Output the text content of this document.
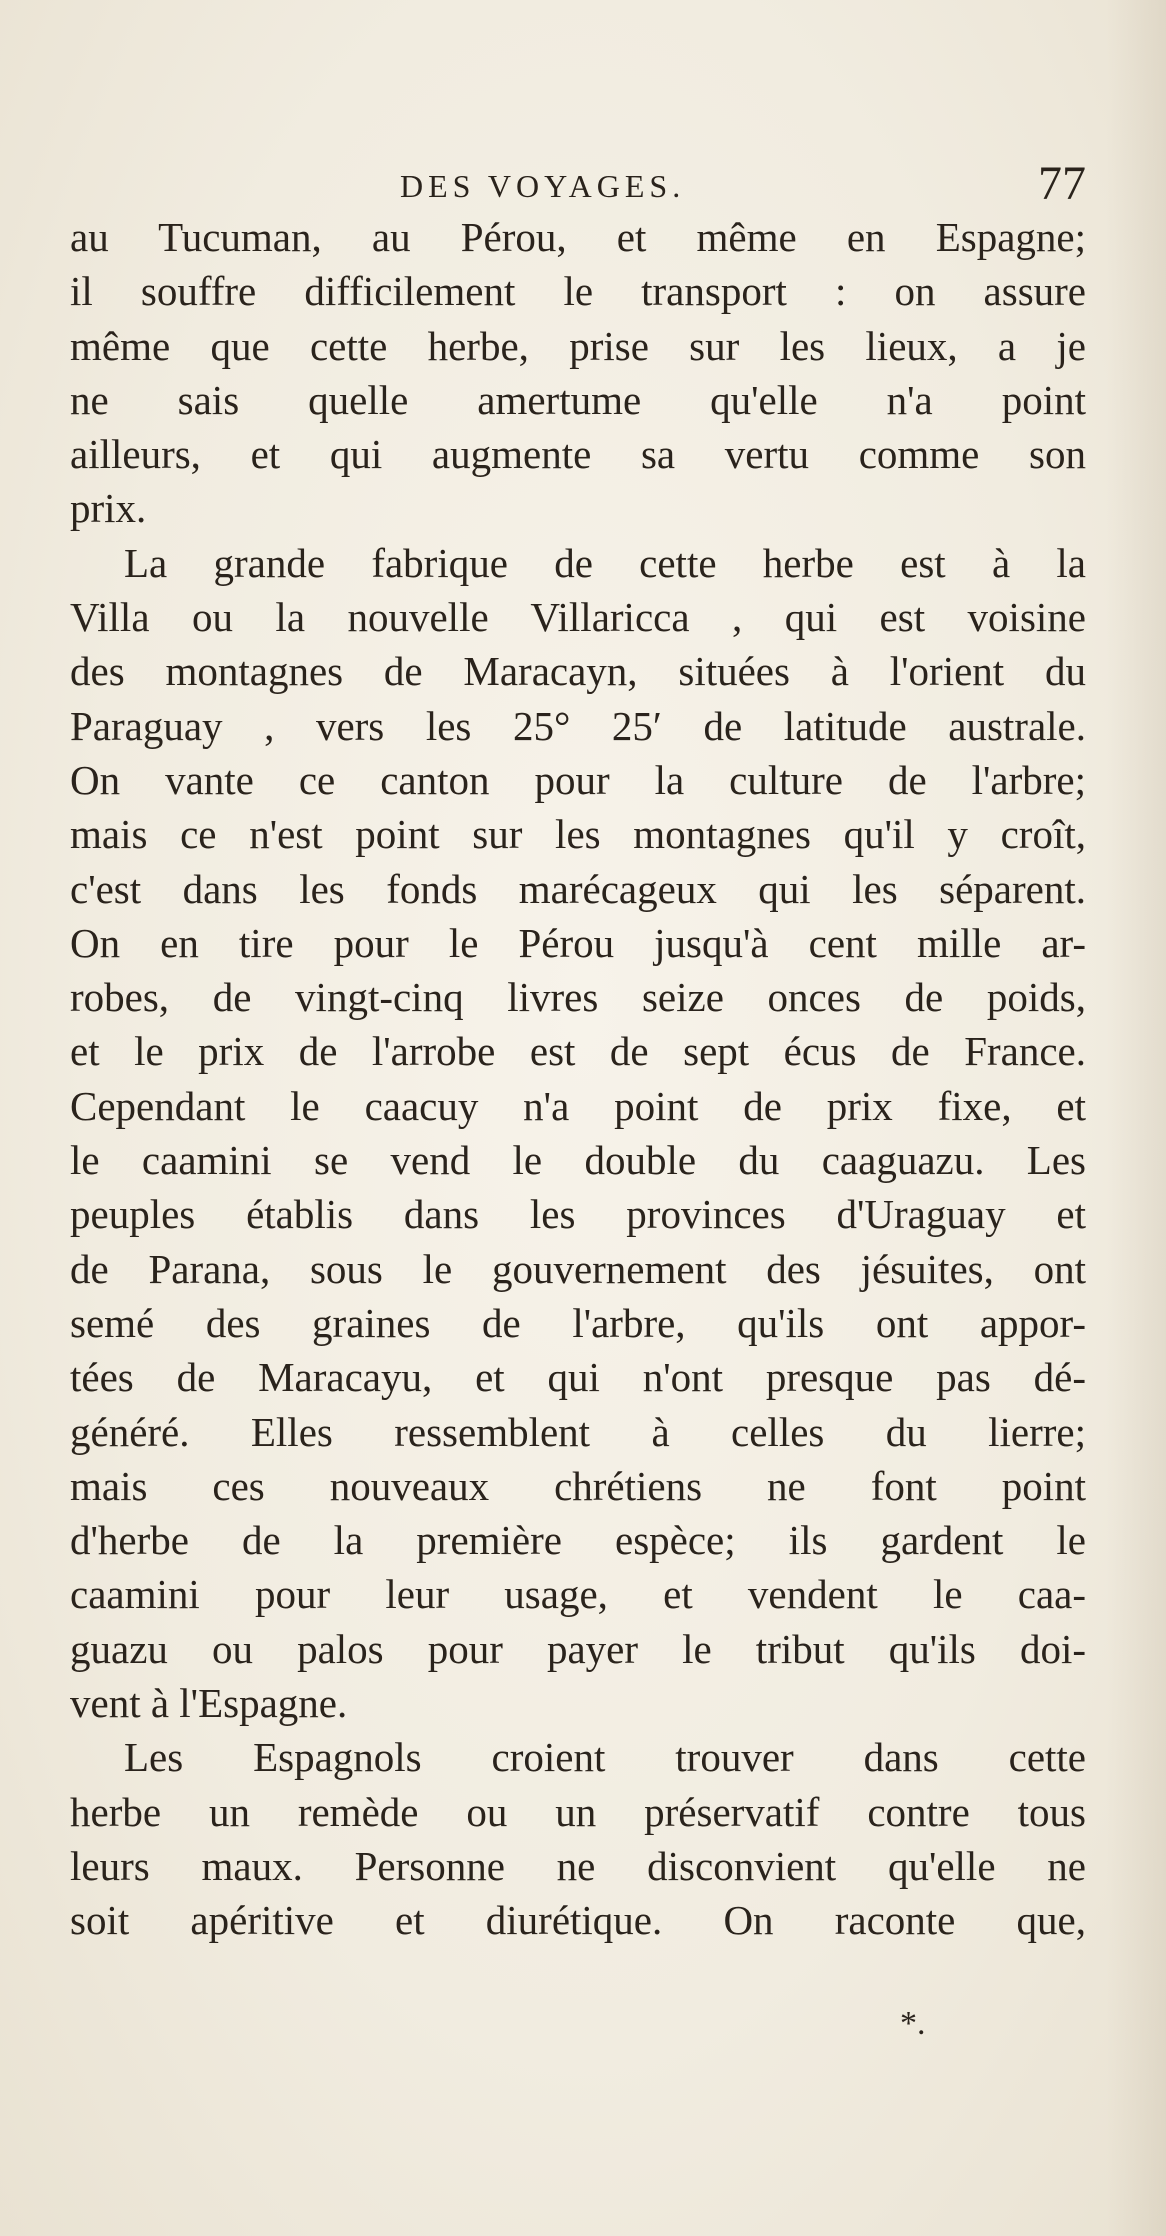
DES VOYAGES.	77
au Tucuman, au Pérou, et même en Espagne;
il souffre difficilement le transport : on assure
même que cette herbe, prise sur les lieux, a je
ne sais quelle amertume qu'elle n'a point
ailleurs, et qui augmente sa vertu comme son
prix.
La grande fabrique de cette herbe est à la
Villa ou la nouvelle Villaricca , qui est voisine
des montagnes de Maracayn, situées à l'orient du
Paraguay , vers les 25° 25′ de latitude australe.
On vante ce canton pour la culture de l'arbre;
mais ce n'est point sur les montagnes qu'il y croît,
c'est dans les fonds marécageux qui les séparent.
On en tire pour le Pérou jusqu'à cent mille ar-
robes, de vingt-cinq livres seize onces de poids,
et le prix de l'arrobe est de sept écus de France.
Cependant le caacuy n'a point de prix fixe, et
le caamini se vend le double du caaguazu. Les
peuples établis dans les provinces d'Uraguay et
de Parana, sous le gouvernement des jésuites, ont
semé des graines de l'arbre, qu'ils ont appor-
tées de Maracayu, et qui n'ont presque pas dé-
généré. Elles ressemblent à celles du lierre;
mais ces nouveaux chrétiens ne font point
d'herbe de la première espèce; ils gardent le
caamini pour leur usage, et vendent le caa-
guazu ou palos pour payer le tribut qu'ils doi-
vent à l'Espagne.
Les Espagnols croient trouver dans cette
herbe un remède ou un préservatif contre tous
leurs maux. Personne ne disconvient qu'elle ne
soit apéritive et diurétique. On raconte que,
*.
